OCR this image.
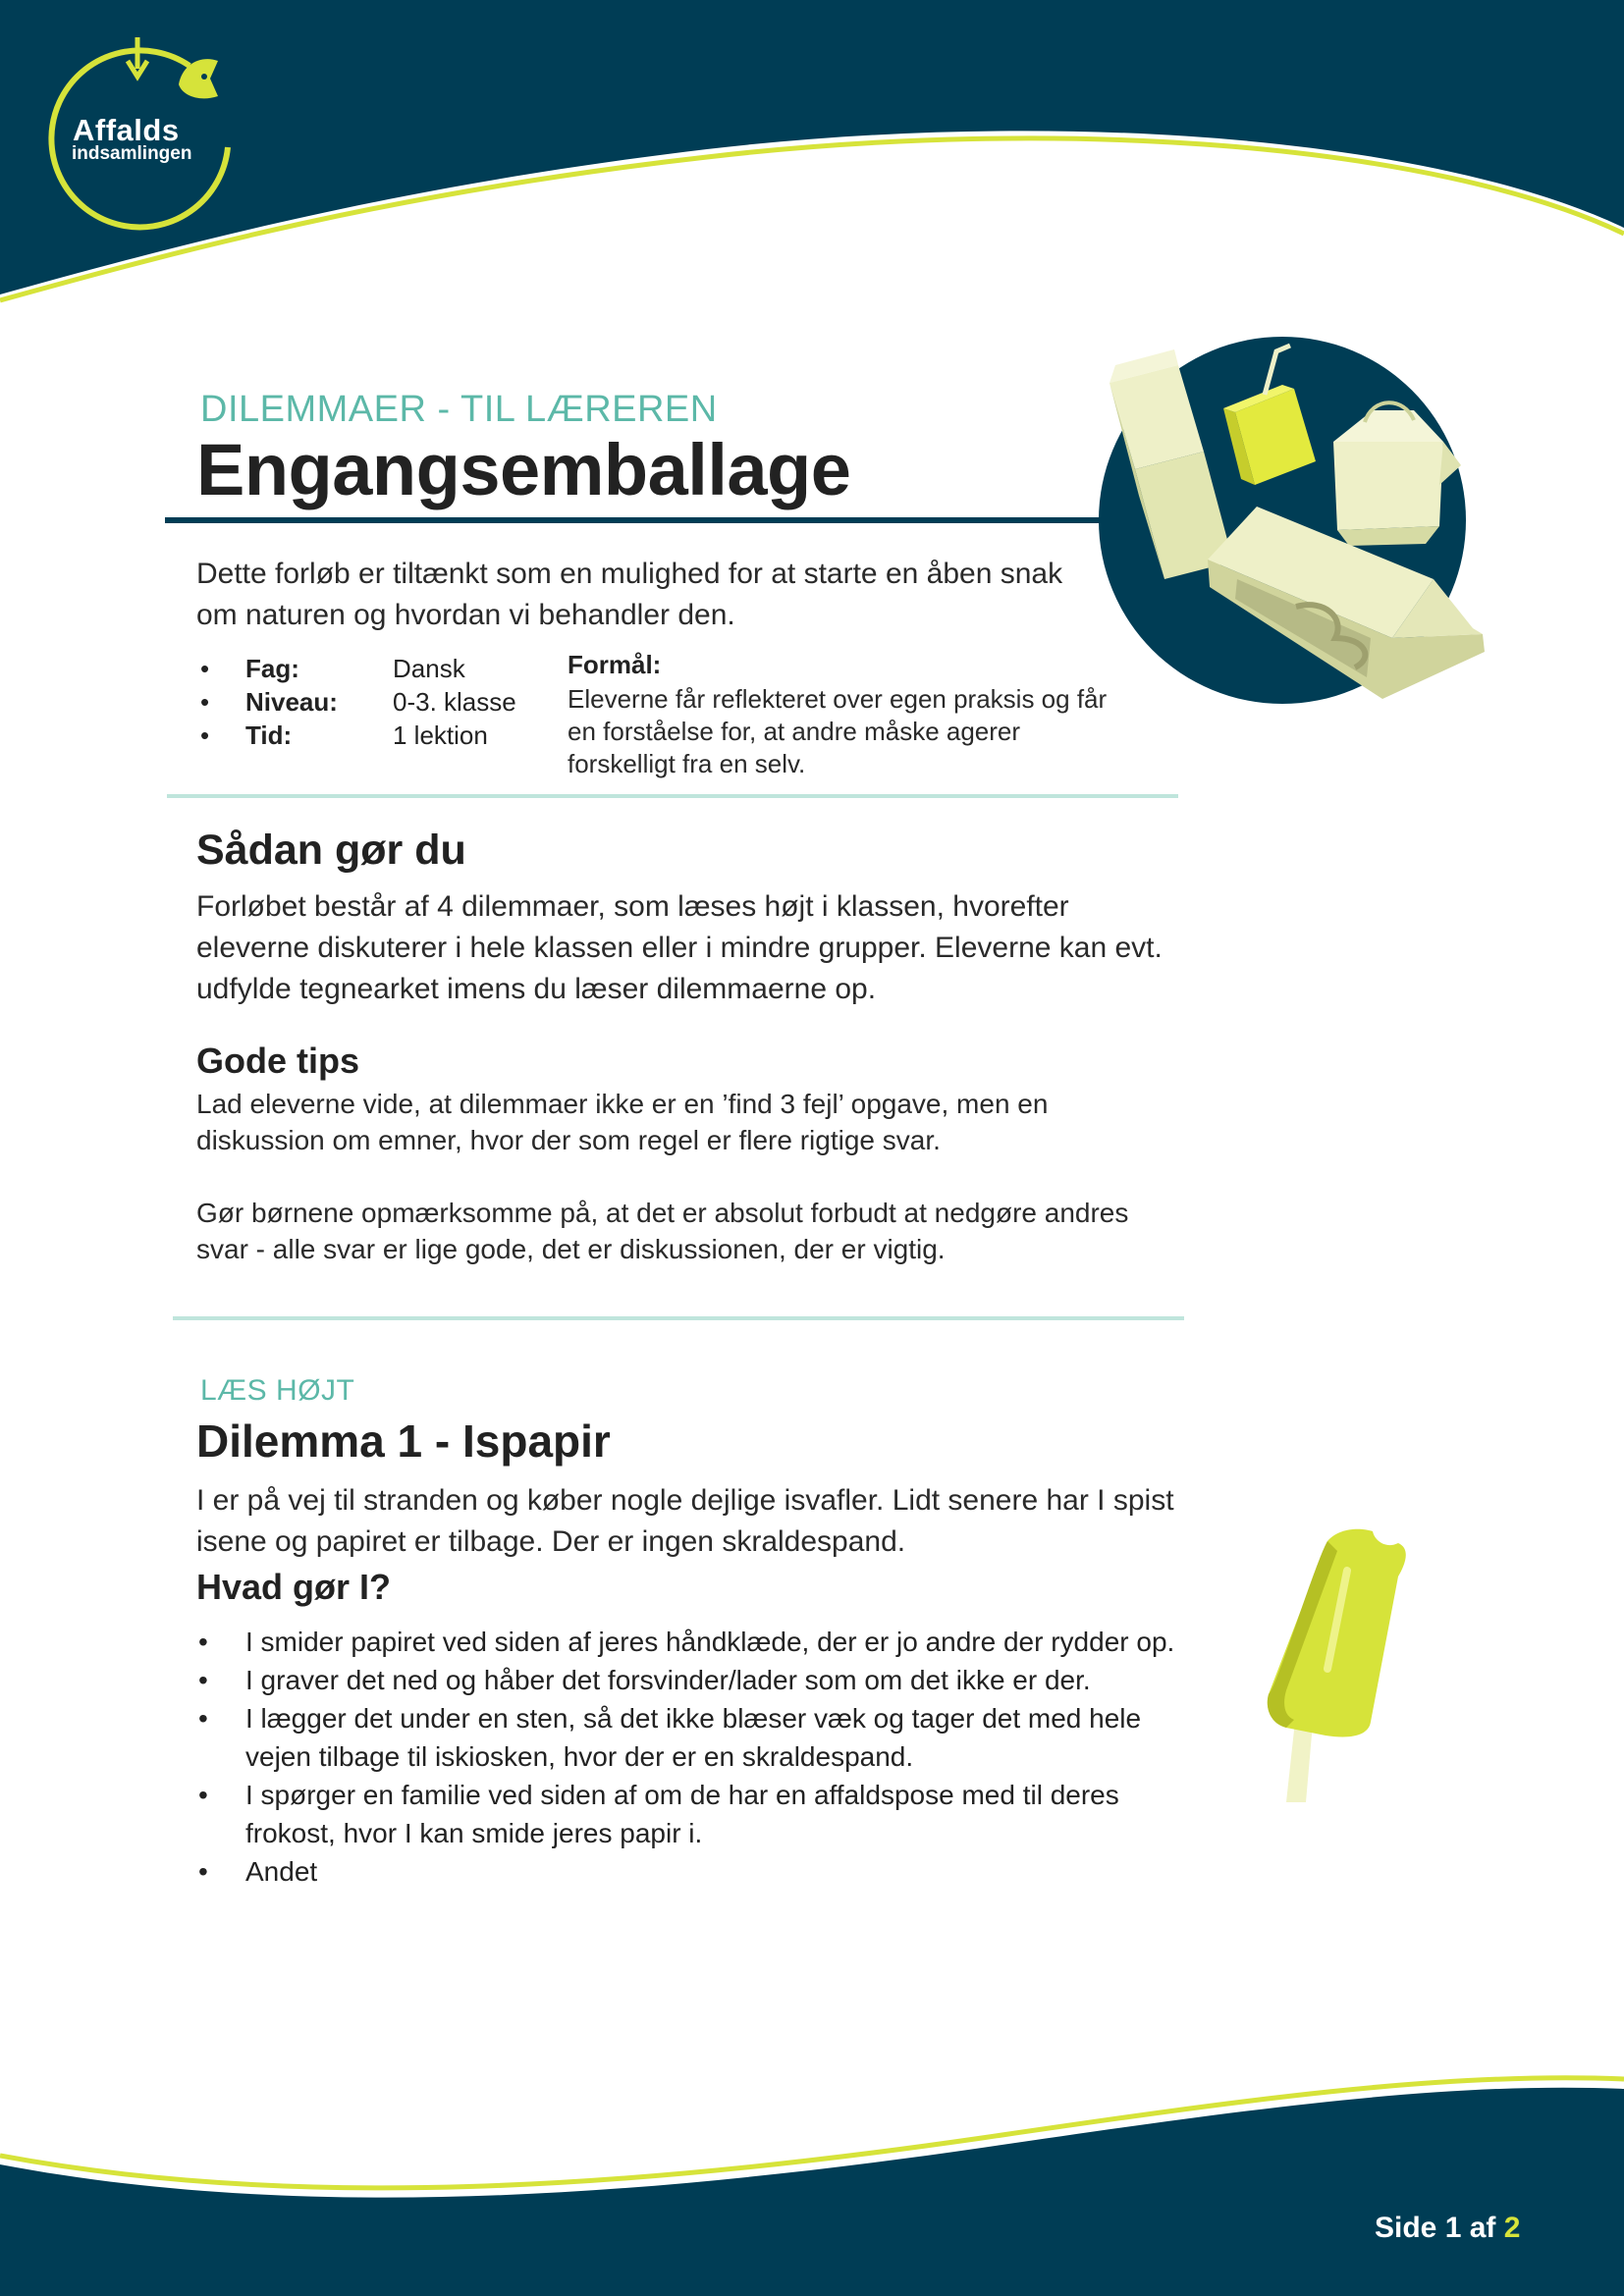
Affalds
indsamlingen
DILEMMAER - TIL LÆREREN
Engangsemballage
Dette forløb er tiltænkt som en mulighed for at starte en åben snak om naturen og hvordan vi behandler den.
• Fag:	Dansk
• Niveau: 0-3. klasse
• Tid:	1 lektion
Formål:
Eleverne får reflekteret over egen praksis og får en forståelse for, at andre måske agerer forskelligt fra en selv.
Sådan gør du
Forløbet består af 4 dilemmaer, som læses højt i klassen, hvorefter eleverne diskuterer i hele klassen eller i mindre grupper. Eleverne kan evt. udfylde tegnearket imens du læser dilemmaerne op.
Gode tips
Lad eleverne vide, at dilemmaer ikke er en ’find 3 fejl’ opgave, men en diskussion om emner, hvor der som regel er flere rigtige svar.
Gør børnene opmærksomme på, at det er absolut forbudt at nedgøre andres svar - alle svar er lige gode, det er diskussionen, der er vigtig.
LÆS HØJT
Dilemma 1 - Ispapir
I er på vej til stranden og køber nogle dejlige isvafler. Lidt senere har I spist isene og papiret er tilbage. Der er ingen skraldespand.
Hvad gør I?
• I smider papiret ved siden af jeres håndklæde, der er jo andre der rydder op.
• I graver det ned og håber det forsvinder/lader som om det ikke er der.
• I lægger det under en sten, så det ikke blæser væk og tager det med hele vejen tilbage til iskiosken, hvor der er en skraldespand.
• I spørger en familie ved siden af om de har en affaldspose med til deres frokost, hvor I kan smide jeres papir i.
• Andet
Side 1 af 2
